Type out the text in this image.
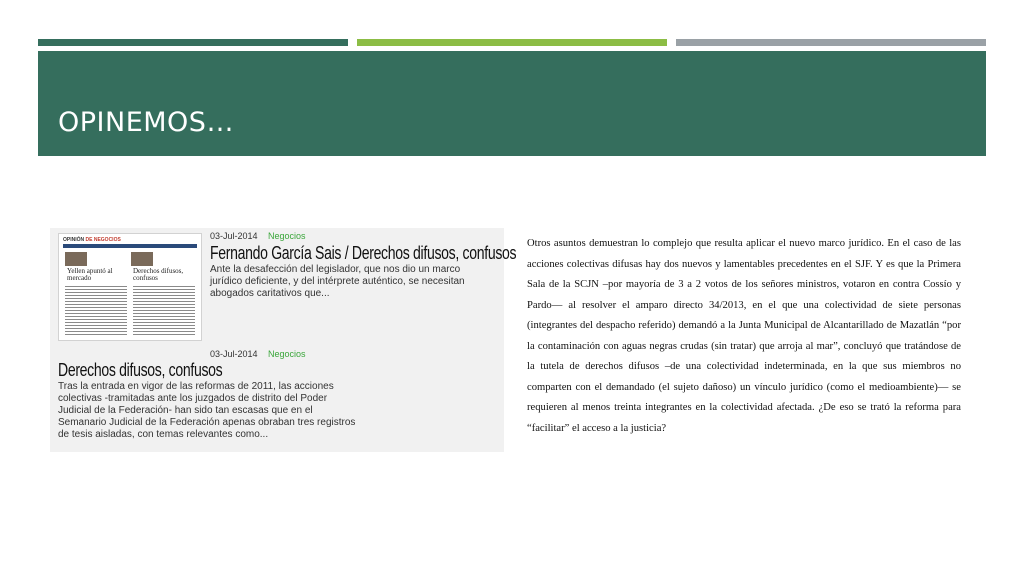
OPINEMOS…
OPINIÓN DE NEGOCIOS
Yellen apuntó al mercado
Derechos difusos, confusos
03-Jul-2014 Negocios
Fernando García Sais / Derechos difusos, confusos
Ante la desafección del legislador, que nos dio un marco jurídico deficiente, y del intérprete auténtico, se necesitan abogados caritativos que...
03-Jul-2014 Negocios
Derechos difusos, confusos
Tras la entrada en vigor de las reformas de 2011, las acciones colectivas -tramitadas ante los juzgados de distrito del Poder Judicial de la Federación- han sido tan escasas que en el Semanario Judicial de la Federación apenas obraban tres registros de tesis aisladas, con temas relevantes como...

Otros asuntos demuestran lo complejo que resulta aplicar el nuevo marco jurídico. En el caso de las acciones colectivas difusas hay dos nuevos y lamentables precedentes en el SJF. Y es que la Primera Sala de la SCJN –por mayoría de 3 a 2 votos de los señores ministros, votaron en contra Cossío y Pardo— al resolver el amparo directo 34/2013, en el que una colectividad de siete personas (integrantes del despacho referido) demandó a la Junta Municipal de Alcantarillado de Mazatlán “por la contaminación con aguas negras crudas (sin tratar) que arroja al mar”, concluyó que tratándose de la tutela de derechos difusos –de una colectividad indeterminada, en la que sus miembros no comparten con el demandado (el sujeto dañoso) un vínculo jurídico (como el medioambiente)— se requieren al menos treinta integrantes en la colectividad afectada. ¿De eso se trató la reforma para “facilitar” el acceso a la justicia?
